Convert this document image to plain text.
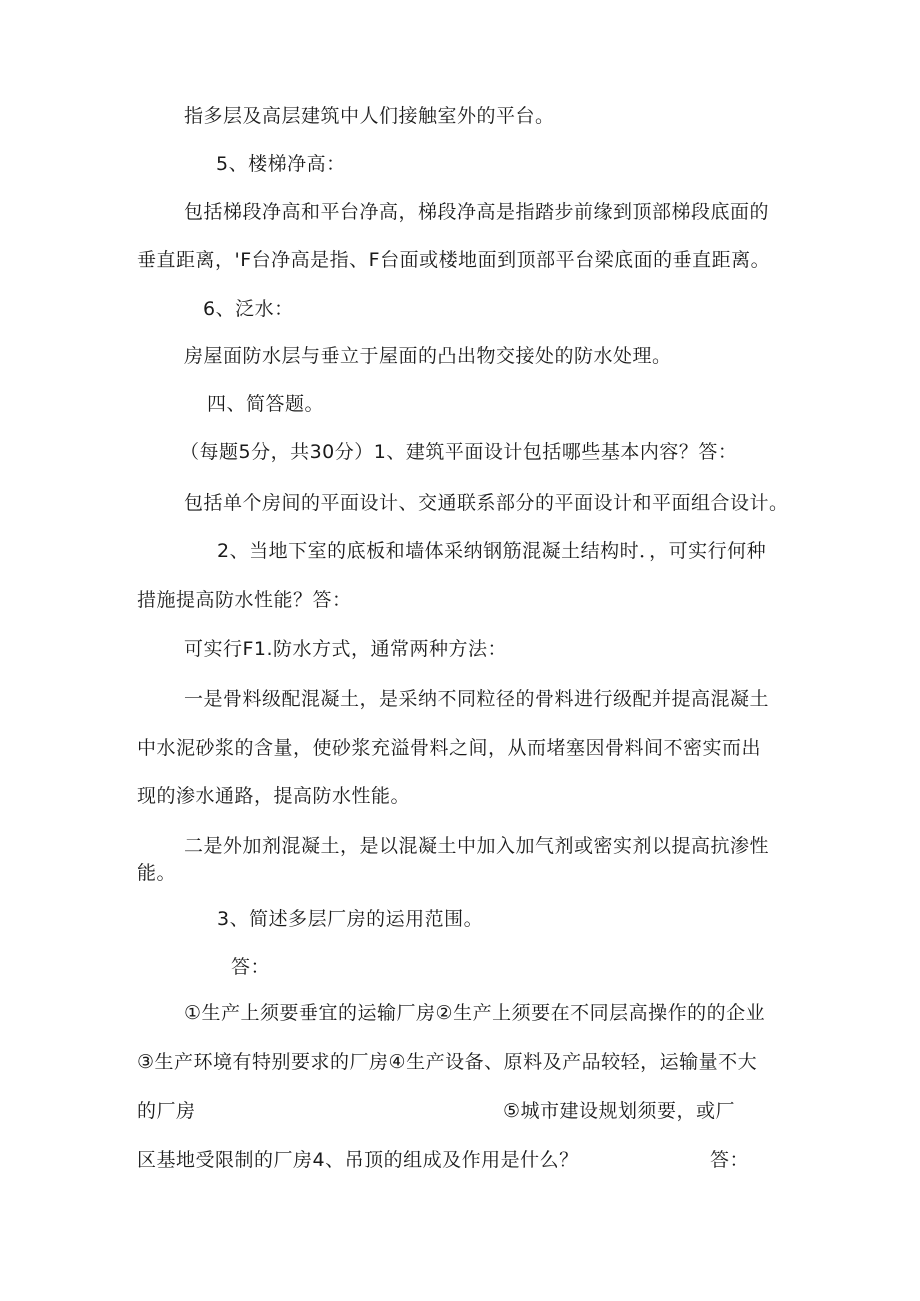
指多层及高层建筑中人们接触室外的平台。
5、楼梯净高：
包括梯段净高和平台净高，梯段净高是指踏步前缘到顶部梯段底面的
垂直距离，'F台净高是指、F台面或楼地面到顶部平台梁底面的垂直距离。
6、泛水：
房屋面防水层与垂立于屋面的凸出物交接处的防水处理。
四、简答题。
（每题5分，共30分）1、建筑平面设计包括哪些基本内容？答：
包括单个房间的平面设计、交通联系部分的平面设计和平面组合设计。
2、当地下室的底板和墙体采纳钢筋混凝土结构时．，可实行何种
措施提高防水性能？答：
可实行F1.防水方式，通常两种方法：
一是骨料级配混凝土，是采纳不同粒径的骨料进行级配并提高混凝土
中水泥砂浆的含量，使砂浆充溢骨料之间，从而堵塞因骨料间不密实而出
现的渗水通路，提高防水性能。
二是外加剂混凝土，是以混凝土中加入加气剂或密实剂以提高抗渗性
能。
3、简述多层厂房的运用范围。
答：
①生产上须要垂宜的运输厂房②生产上须要在不同层高操作的的企业
③生产环境有特别要求的厂房④生产设备、原料及产品较轻，运输量不大
的厂房	⑤城市建设规划须要，或厂
区基地受限制的厂房4、吊顶的组成及作用是什么？	答：
